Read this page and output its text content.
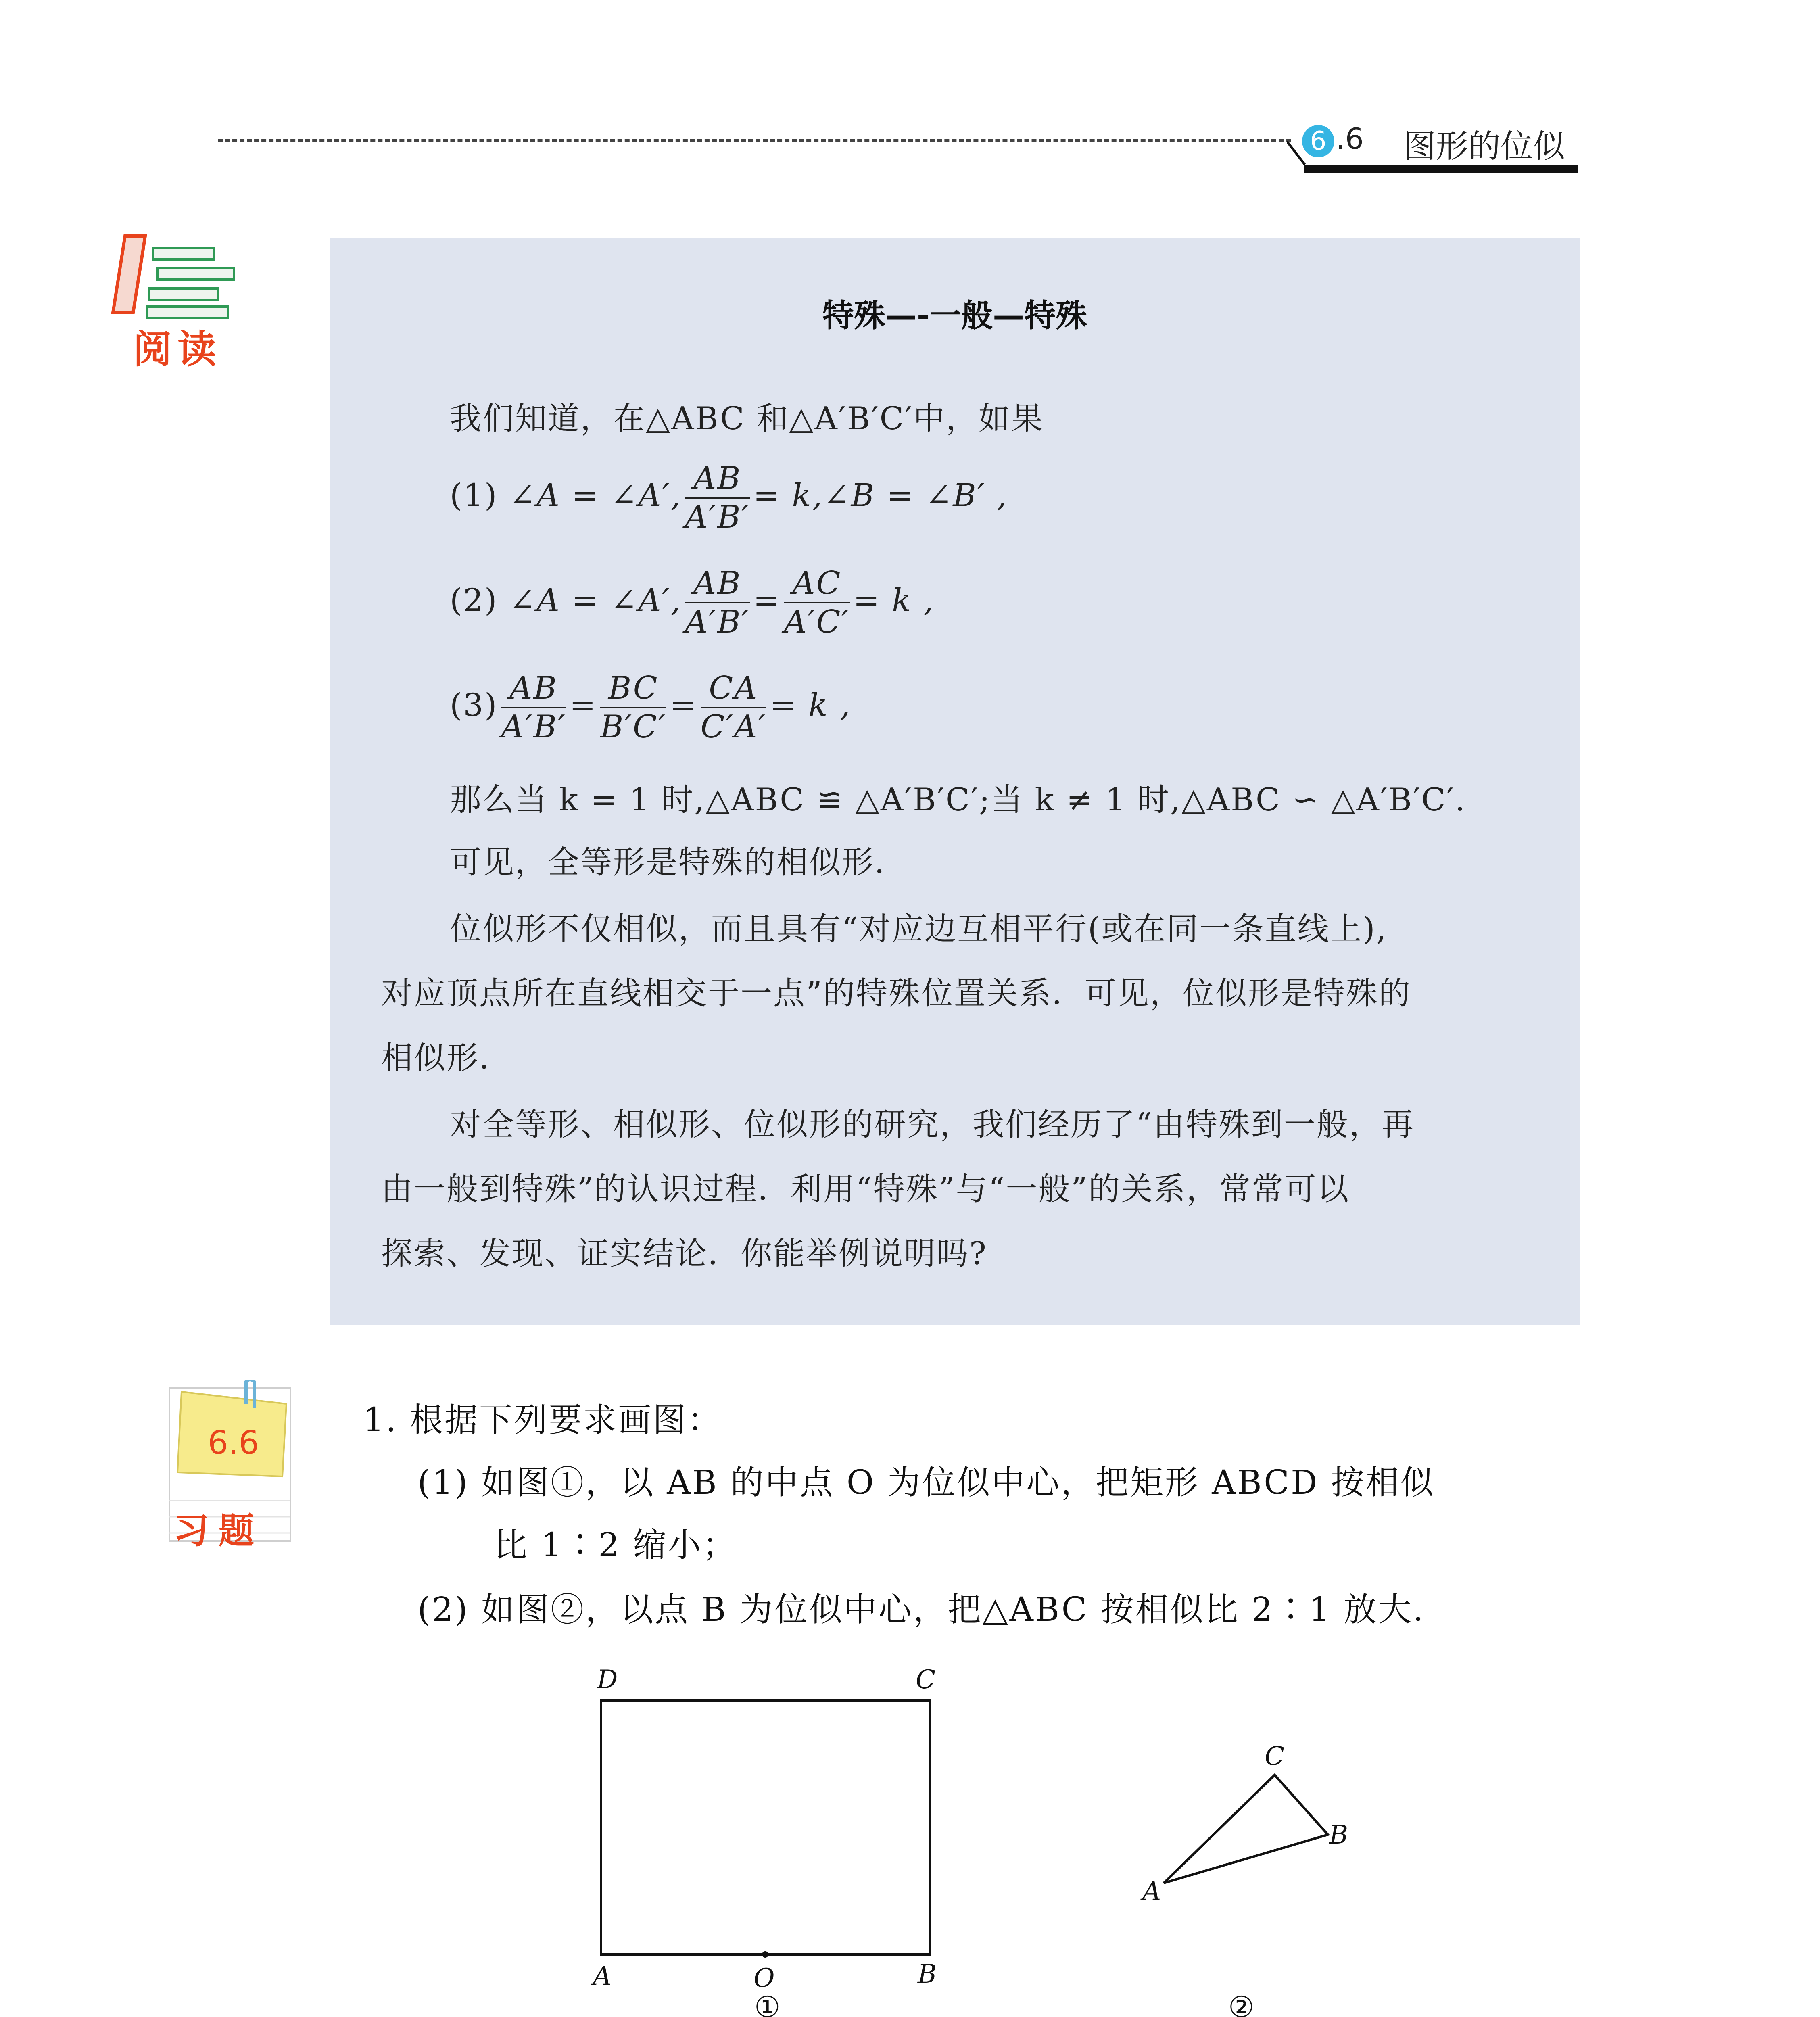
6 .6 图形的位似
阅读
特殊—-一般—特殊
我们知道，在△ABC 和△A′B′C′中，如果
(1) ∠A = ∠A′, $\frac{AB}{A'B'}$ = k,∠B = ∠B′ ,
(2) ∠A = ∠A′, $\frac{AB}{A'B'} = \frac{AC}{A'C'} = k$ ,
$(3) \frac{AB}{A'B'} = \frac{BC}{B'C'} = \frac{CA}{C'A'} = k$ ,
那么当 k = 1 时,△ABC ≌ △A′B′C′;当 k ≠ 1 时,△ABC ∽ △A′B′C′.
可见，全等形是特殊的相似形．
位似形不仅相似，而且具有“对应边互相平行(或在同一条直线上),
对应顶点所在直线相交于一点”的特殊位置关系．可见，位似形是特殊的
相似形．
对全等形、相似形、位似形的研究，我们经历了“由特殊到一般，再
由一般到特殊”的认识过程．利用“特殊”与“一般”的关系，常常可以
探索、发现、证实结论．你能举例说明吗?
6.6
习题
1. 根据下列要求画图：
(1) 如图①，以 AB 的中点 O 为位似中心，把矩形 ABCD 按相似
比 1∶2 缩小；
(2) 如图②，以点 B 为位似中心，把△ABC 按相似比 2∶1 放大．
D	C
A	B
O
A
C
B
①	②
